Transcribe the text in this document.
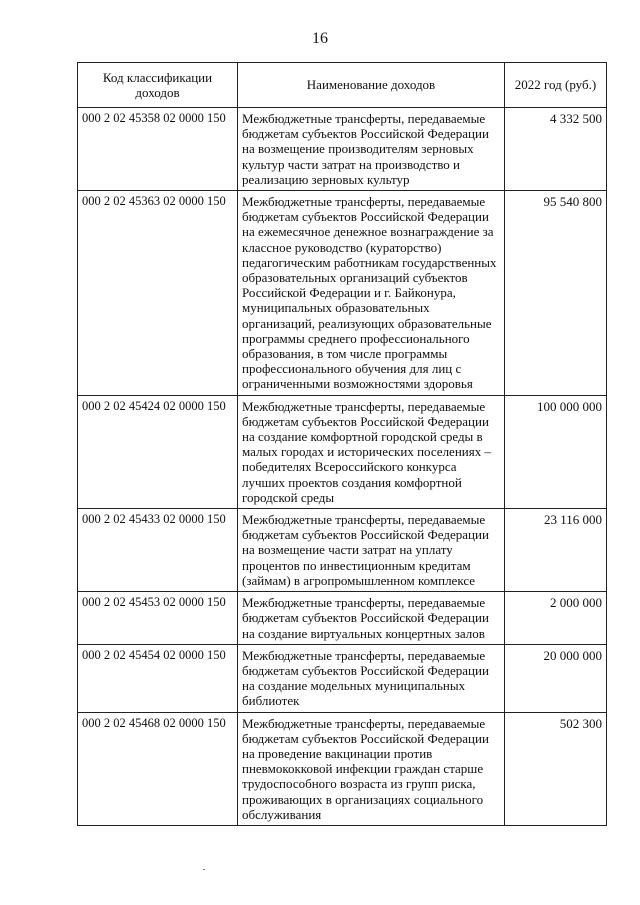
16
Код классификации доходов	Наименование доходов	2022 год (руб.)
000 2 02 45358 02 0000 150	Межбюджетные трансферты, передаваемые бюджетам субъектов Российской Федерации на возмещение производителям зерновых культур части затрат на производство и реализацию зерновых культур	4 332 500
000 2 02 45363 02 0000 150	Межбюджетные трансферты, передаваемые бюджетам субъектов Российской Федерации на ежемесячное денежное вознаграждение за классное руководство (кураторство) педагогическим работникам государственных образовательных организаций субъектов Российской Федерации и г. Байконура, муниципальных образовательных организаций, реализующих образовательные программы среднего профессионального образования, в том числе программы профессионального обучения для лиц с ограниченными возможностями здоровья	95 540 800
000 2 02 45424 02 0000 150	Межбюджетные трансферты, передаваемые бюджетам субъектов Российской Федерации на создание комфортной городской среды в малых городах и исторических поселениях – победителях Всероссийского конкурса лучших проектов создания комфортной городской среды	100 000 000
000 2 02 45433 02 0000 150	Межбюджетные трансферты, передаваемые бюджетам субъектов Российской Федерации на возмещение части затрат на уплату процентов по инвестиционным кредитам (займам) в агропромышленном комплексе	23 116 000
000 2 02 45453 02 0000 150	Межбюджетные трансферты, передаваемые бюджетам субъектов Российской Федерации на создание виртуальных концертных залов	2 000 000
000 2 02 45454 02 0000 150	Межбюджетные трансферты, передаваемые бюджетам субъектов Российской Федерации на создание модельных муниципальных библиотек	20 000 000
000 2 02 45468 02 0000 150	Межбюджетные трансферты, передаваемые бюджетам субъектов Российской Федерации на проведение вакцинации против пневмококковой инфекции граждан старше трудоспособного возраста из групп риска, проживающих в организациях социального обслуживания	502 300
